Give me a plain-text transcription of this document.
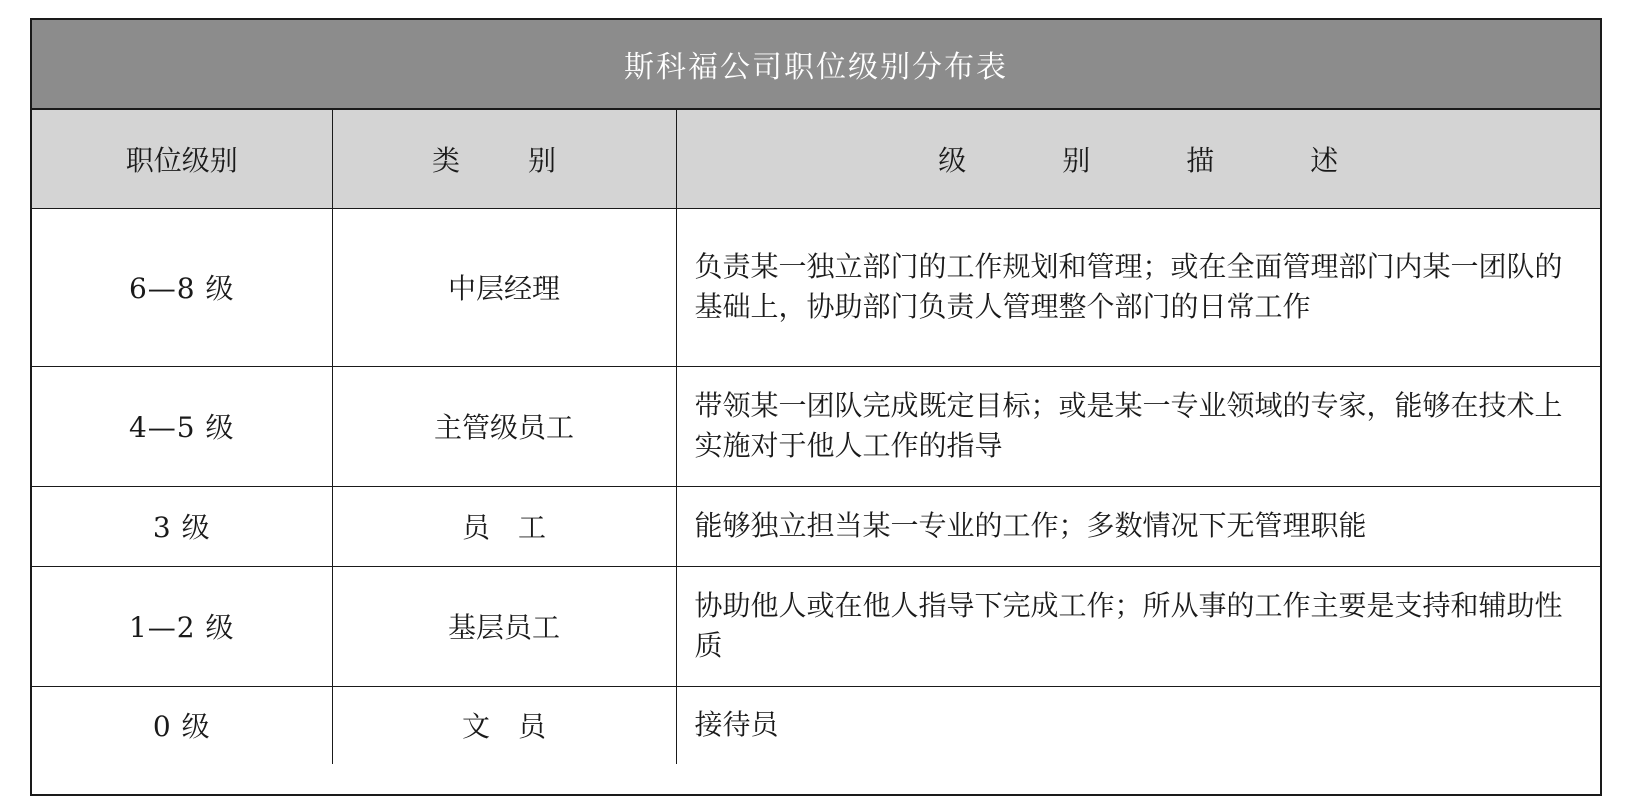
斯科福公司职位级别分布表
职位级别	类　别	级别描述
6—8 级	中层经理	负责某一独立部门的工作规划和管理；或在全面管理部门内某一团队的基础上，协助部门负责人管理整个部门的日常工作
4—5 级	主管级员工	带领某一团队完成既定目标；或是某一专业领域的专家，能够在技术上实施对于他人工作的指导
3 级	员　工	能够独立担当某一专业的工作；多数情况下无管理职能
1—2 级	基层员工	协助他人或在他人指导下完成工作；所从事的工作主要是支持和辅助性质
0 级	文　员	接待员
